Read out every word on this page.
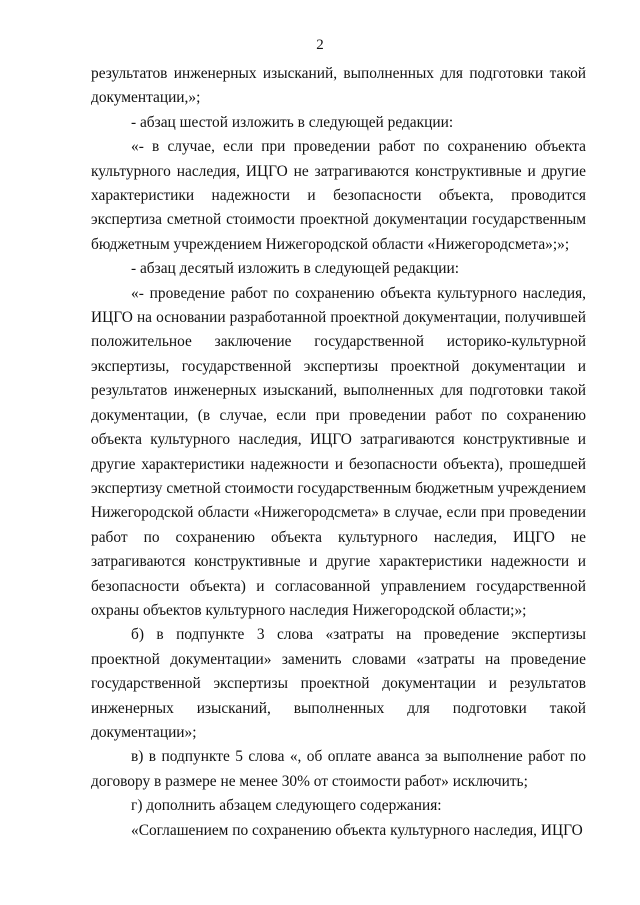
2

результатов инженерных изысканий, выполненных для подготовки такой документации,»;

- абзац шестой изложить в следующей редакции:

«- в случае, если при проведении работ по сохранению объекта культурного наследия, ИЦГО не затрагиваются конструктивные и другие характеристики надежности и безопасности объекта, проводится экспертиза сметной стоимости проектной документации государственным бюджетным учреждением Нижегородской области «Нижегородсмета»;»;

- абзац десятый изложить в следующей редакции:

«- проведение работ по сохранению объекта культурного наследия, ИЦГО на основании разработанной проектной документации, получившей положительное заключение государственной историко-культурной экспертизы, государственной экспертизы проектной документации и результатов инженерных изысканий, выполненных для подготовки такой документации, (в случае, если при проведении работ по сохранению объекта культурного наследия, ИЦГО затрагиваются конструктивные и другие характеристики надежности и безопасности объекта), прошедшей экспертизу сметной стоимости государственным бюджетным учреждением Нижегородской области «Нижегородсмета» в случае, если при проведении работ по сохранению объекта культурного наследия, ИЦГО не затрагиваются конструктивные и другие характеристики надежности и безопасности объекта) и согласованной управлением государственной охраны объектов культурного наследия Нижегородской области;»;

б) в подпункте 3 слова «затраты на проведение экспертизы проектной документации» заменить словами «затраты на проведение государственной экспертизы проектной документации и результатов инженерных изысканий, выполненных для подготовки такой документации»;

в) в подпункте 5 слова «, об оплате аванса за выполнение работ по договору в размере не менее 30% от стоимости работ» исключить;

г) дополнить абзацем следующего содержания:

«Соглашением по сохранению объекта культурного наследия, ИЦГО
